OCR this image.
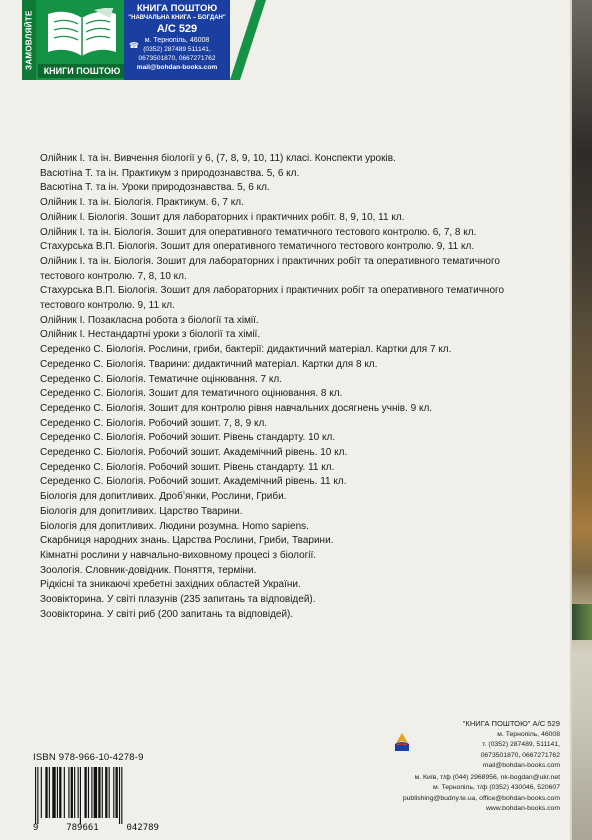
ЗАМОВЛЯЙТЕ
КНИГИ ПОШТОЮ
КНИГА ПОШТОЮ
"НАВЧАЛЬНА КНИГА – БОГДАН"
А/С 529
м. Тернопіль, 46008
☎ (0352) 287489 511141,
0673501870, 0667271762
mail@bohdan-books.com
Олійник І. та ін. Вивчення біології у 6, (7, 8, 9, 10, 11) класі. Конспекти уроків.
Васютіна Т. та ін. Практикум з природознавства. 5, 6 кл.
Васютіна Т. та ін. Уроки природознавства. 5, 6 кл.
Олійник І. та ін. Біологія. Практикум. 6, 7 кл.
Олійник І. Біологія. Зошит для лабораторних і практичних робіт. 8, 9, 10, 11 кл.
Олійник І. та ін. Біологія. Зошит для оперативного тематичного тестового контролю. 6, 7, 8 кл.
Стахурська В.П. Біологія. Зошит для оперативного тематичного тестового контролю. 9, 11 кл.
Олійник І. та ін. Біологія. Зошит для лабораторних і практичних робіт та оперативного тематичного
тестового контролю. 7, 8, 10 кл.
Стахурська В.П. Біологія. Зошит для лабораторних і практичних робіт та оперативного тематичного
тестового контролю. 9, 11 кл.
Олійник І. Позакласна робота з біології та хімії.
Олійник І. Нестандартні уроки з біології та хімії.
Середенко С. Біологія. Рослини, гриби, бактерії: дидактичний матеріал. Картки для 7 кл.
Середенко С. Біологія. Тварини: дидактичний матеріал. Картки для 8 кл.
Середенко С. Біологія. Тематичне оцінювання. 7 кл.
Середенко С. Біологія. Зошит для тематичного оцінювання. 8 кл.
Середенко С. Біологія. Зошит для контролю рівня навчальних досягнень учнів. 9 кл.
Середенко С. Біологія. Робочий зошит. 7, 8, 9 кл.
Середенко С. Біологія. Робочий зошит. Рівень стандарту. 10 кл.
Середенко С. Біологія. Робочий зошит. Академічний рівень. 10 кл.
Середенко С. Біологія. Робочий зошит. Рівень стандарту. 11 кл.
Середенко С. Біологія. Робочий зошит. Академічний рівень. 11 кл.
Біологія для допитливих. Дробʼянки, Рослини, Гриби.
Біологія для допитливих. Царство Тварини.
Біологія для допитливих. Людини розумна. Homo sapiens.
Скарбниця народних знань. Царства Рослини, Гриби, Тварини.
Кімнатні рослини у навчально-виховному процесі з біології.
Зоологія. Словник-довідник. Поняття, терміни.
Рідкісні та зникаючі хребетні західних областей України.
Зоовікторина. У світі плазунів (235 запитань та відповідей).
Зоовікторина. У світі риб (200 запитань та відповідей).
"КНИГА ПОШТОЮ" А/С 529
м. Тернопіль, 46008
т. (0352) 287489, 511141,
0673501870, 0667271762
mail@bohdan-books.com
м. Київ, т/ф (044) 2968956, nk-bogdan@ukr.net
м. Тернопіль, т/ф (0352) 430046, 520607
publishing@budny.te.ua, office@bohdan-books.com
www.bohdan-books.com
ISBN 978-966-10-4278-9
9	789661	042789
